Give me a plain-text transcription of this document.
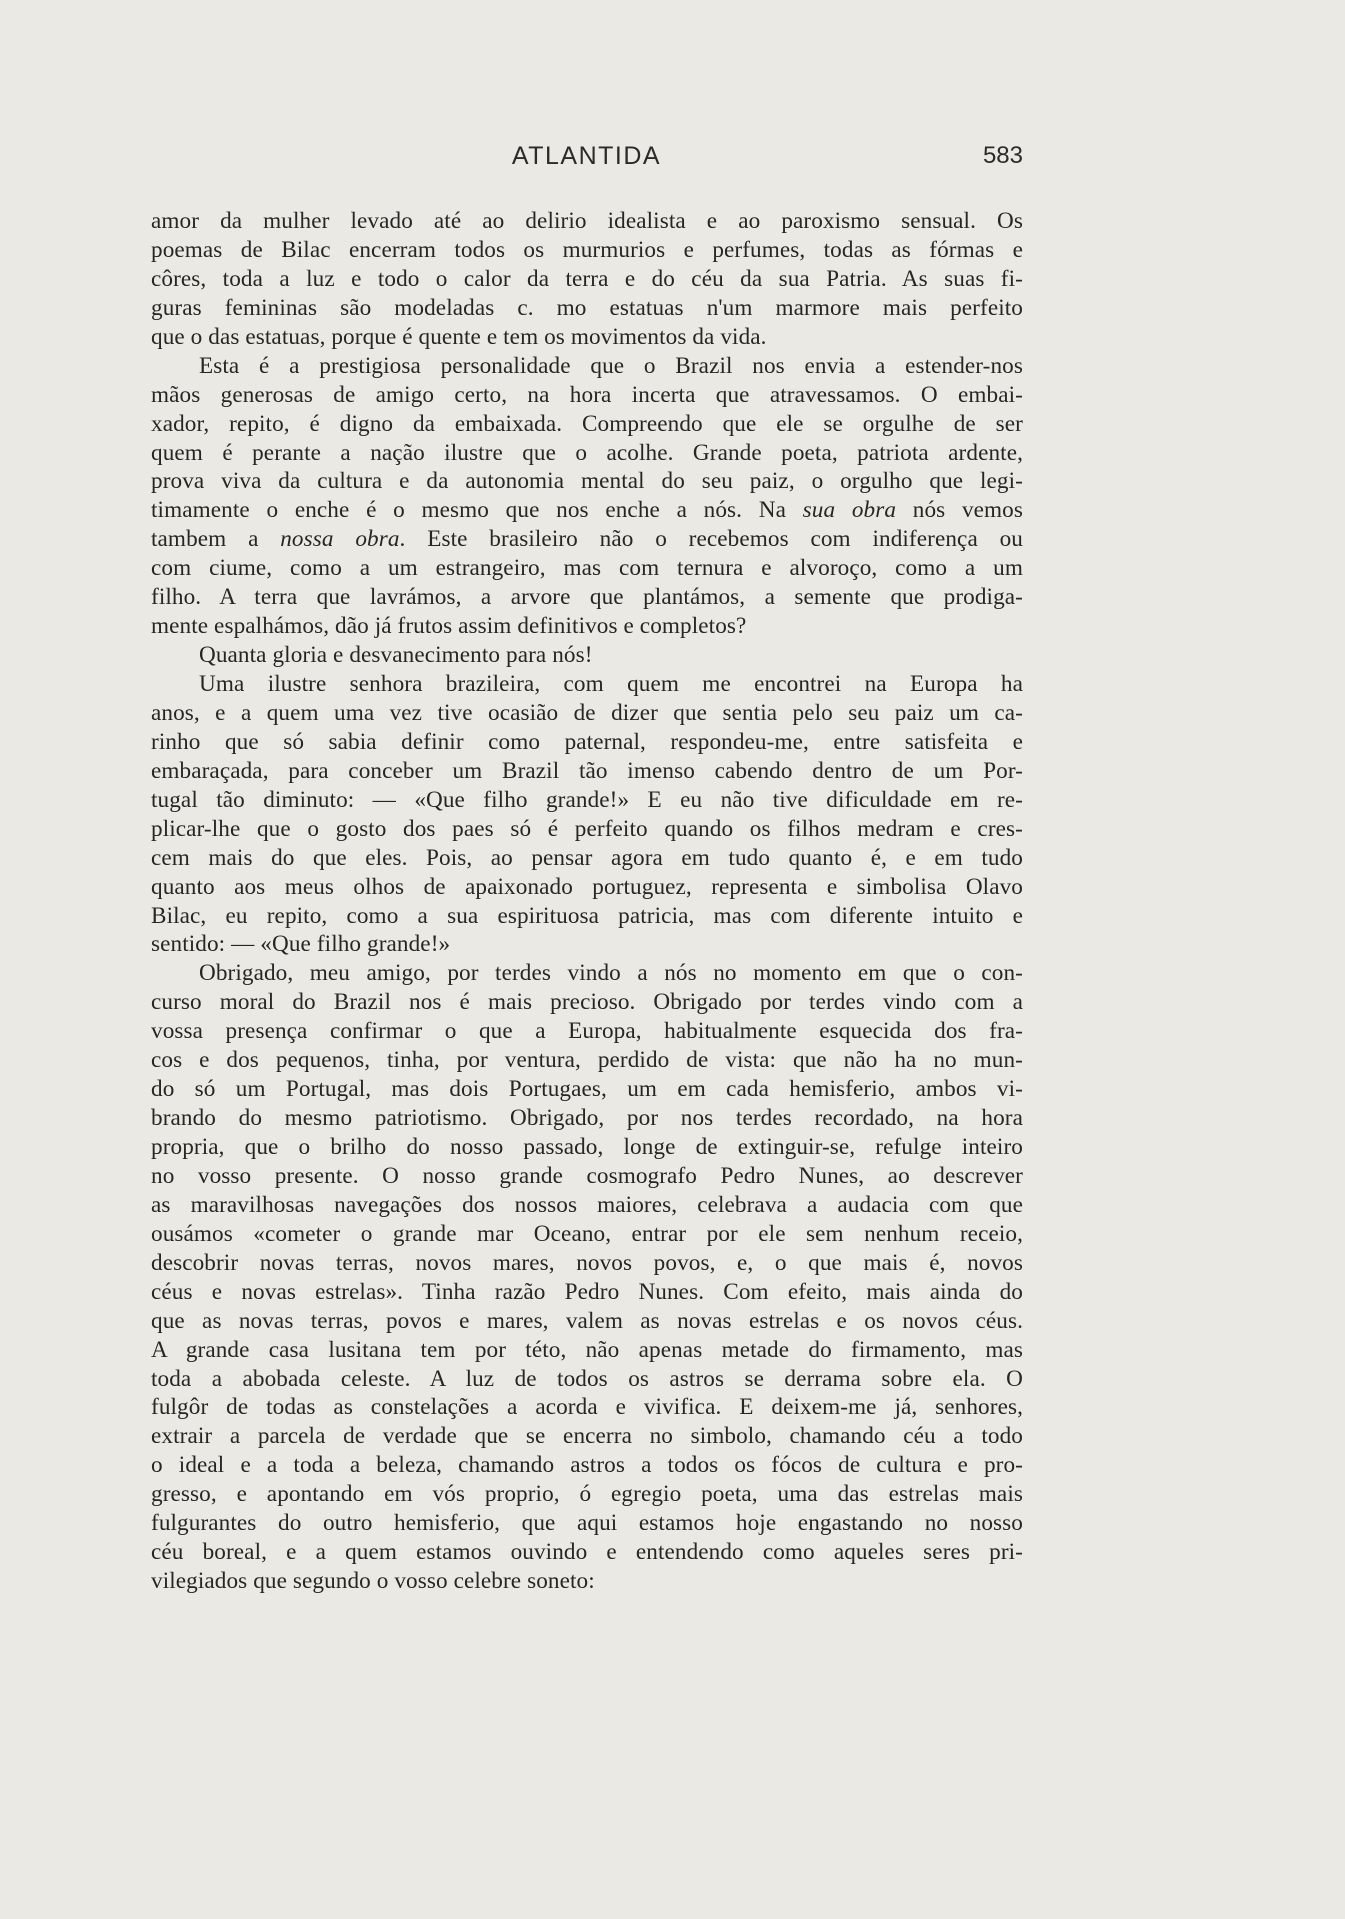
ATLANTIDA	583
amor da mulher levado até ao delirio idealista e ao paroxismo sensual. Os
poemas de Bilac encerram todos os murmurios e perfumes, todas as fórmas e
côres, toda a luz e todo o calor da terra e do céu da sua Patria. As suas fi-
guras femininas são modeladas c. mo estatuas n'um marmore mais perfeito
que o das estatuas, porque é quente e tem os movimentos da vida.
Esta é a prestigiosa personalidade que o Brazil nos envia a estender-nos
mãos generosas de amigo certo, na hora incerta que atravessamos. O embai-
xador, repito, é digno da embaixada. Compreendo que ele se orgulhe de ser
quem é perante a nação ilustre que o acolhe. Grande poeta, patriota ardente,
prova viva da cultura e da autonomia mental do seu paiz, o orgulho que legi-
timamente o enche é o mesmo que nos enche a nós. Na sua obra nós vemos
tambem a nossa obra. Este brasileiro não o recebemos com indiferença ou
com ciume, como a um estrangeiro, mas com ternura e alvoroço, como a um
filho. A terra que lavrámos, a arvore que plantámos, a semente que prodiga-
mente espalhámos, dão já frutos assim definitivos e completos?
Quanta gloria e desvanecimento para nós!
Uma ilustre senhora brazileira, com quem me encontrei na Europa ha
anos, e a quem uma vez tive ocasião de dizer que sentia pelo seu paiz um ca-
rinho que só sabia definir como paternal, respondeu-me, entre satisfeita e
embaraçada, para conceber um Brazil tão imenso cabendo dentro de um Por-
tugal tão diminuto: — «Que filho grande!» E eu não tive dificuldade em re-
plicar-lhe que o gosto dos paes só é perfeito quando os filhos medram e cres-
cem mais do que eles. Pois, ao pensar agora em tudo quanto é, e em tudo
quanto aos meus olhos de apaixonado portuguez, representa e simbolisa Olavo
Bilac, eu repito, como a sua espirituosa patricia, mas com diferente intuito e
sentido: — «Que filho grande!»
Obrigado, meu amigo, por terdes vindo a nós no momento em que o con-
curso moral do Brazil nos é mais precioso. Obrigado por terdes vindo com a
vossa presença confirmar o que a Europa, habitualmente esquecida dos fra-
cos e dos pequenos, tinha, por ventura, perdido de vista: que não ha no mun-
do só um Portugal, mas dois Portugaes, um em cada hemisferio, ambos vi-
brando do mesmo patriotismo. Obrigado, por nos terdes recordado, na hora
propria, que o brilho do nosso passado, longe de extinguir-se, refulge inteiro
no vosso presente. O nosso grande cosmografo Pedro Nunes, ao descrever
as maravilhosas navegações dos nossos maiores, celebrava a audacia com que
ousámos «cometer o grande mar Oceano, entrar por ele sem nenhum receio,
descobrir novas terras, novos mares, novos povos, e, o que mais é, novos
céus e novas estrelas». Tinha razão Pedro Nunes. Com efeito, mais ainda do
que as novas terras, povos e mares, valem as novas estrelas e os novos céus.
A grande casa lusitana tem por této, não apenas metade do firmamento, mas
toda a abobada celeste. A luz de todos os astros se derrama sobre ela. O
fulgôr de todas as constelações a acorda e vivifica. E deixem-me já, senhores,
extrair a parcela de verdade que se encerra no simbolo, chamando céu a todo
o ideal e a toda a beleza, chamando astros a todos os fócos de cultura e pro-
gresso, e apontando em vós proprio, ó egregio poeta, uma das estrelas mais
fulgurantes do outro hemisferio, que aqui estamos hoje engastando no nosso
céu boreal, e a quem estamos ouvindo e entendendo como aqueles seres pri-
vilegiados que segundo o vosso celebre soneto:
